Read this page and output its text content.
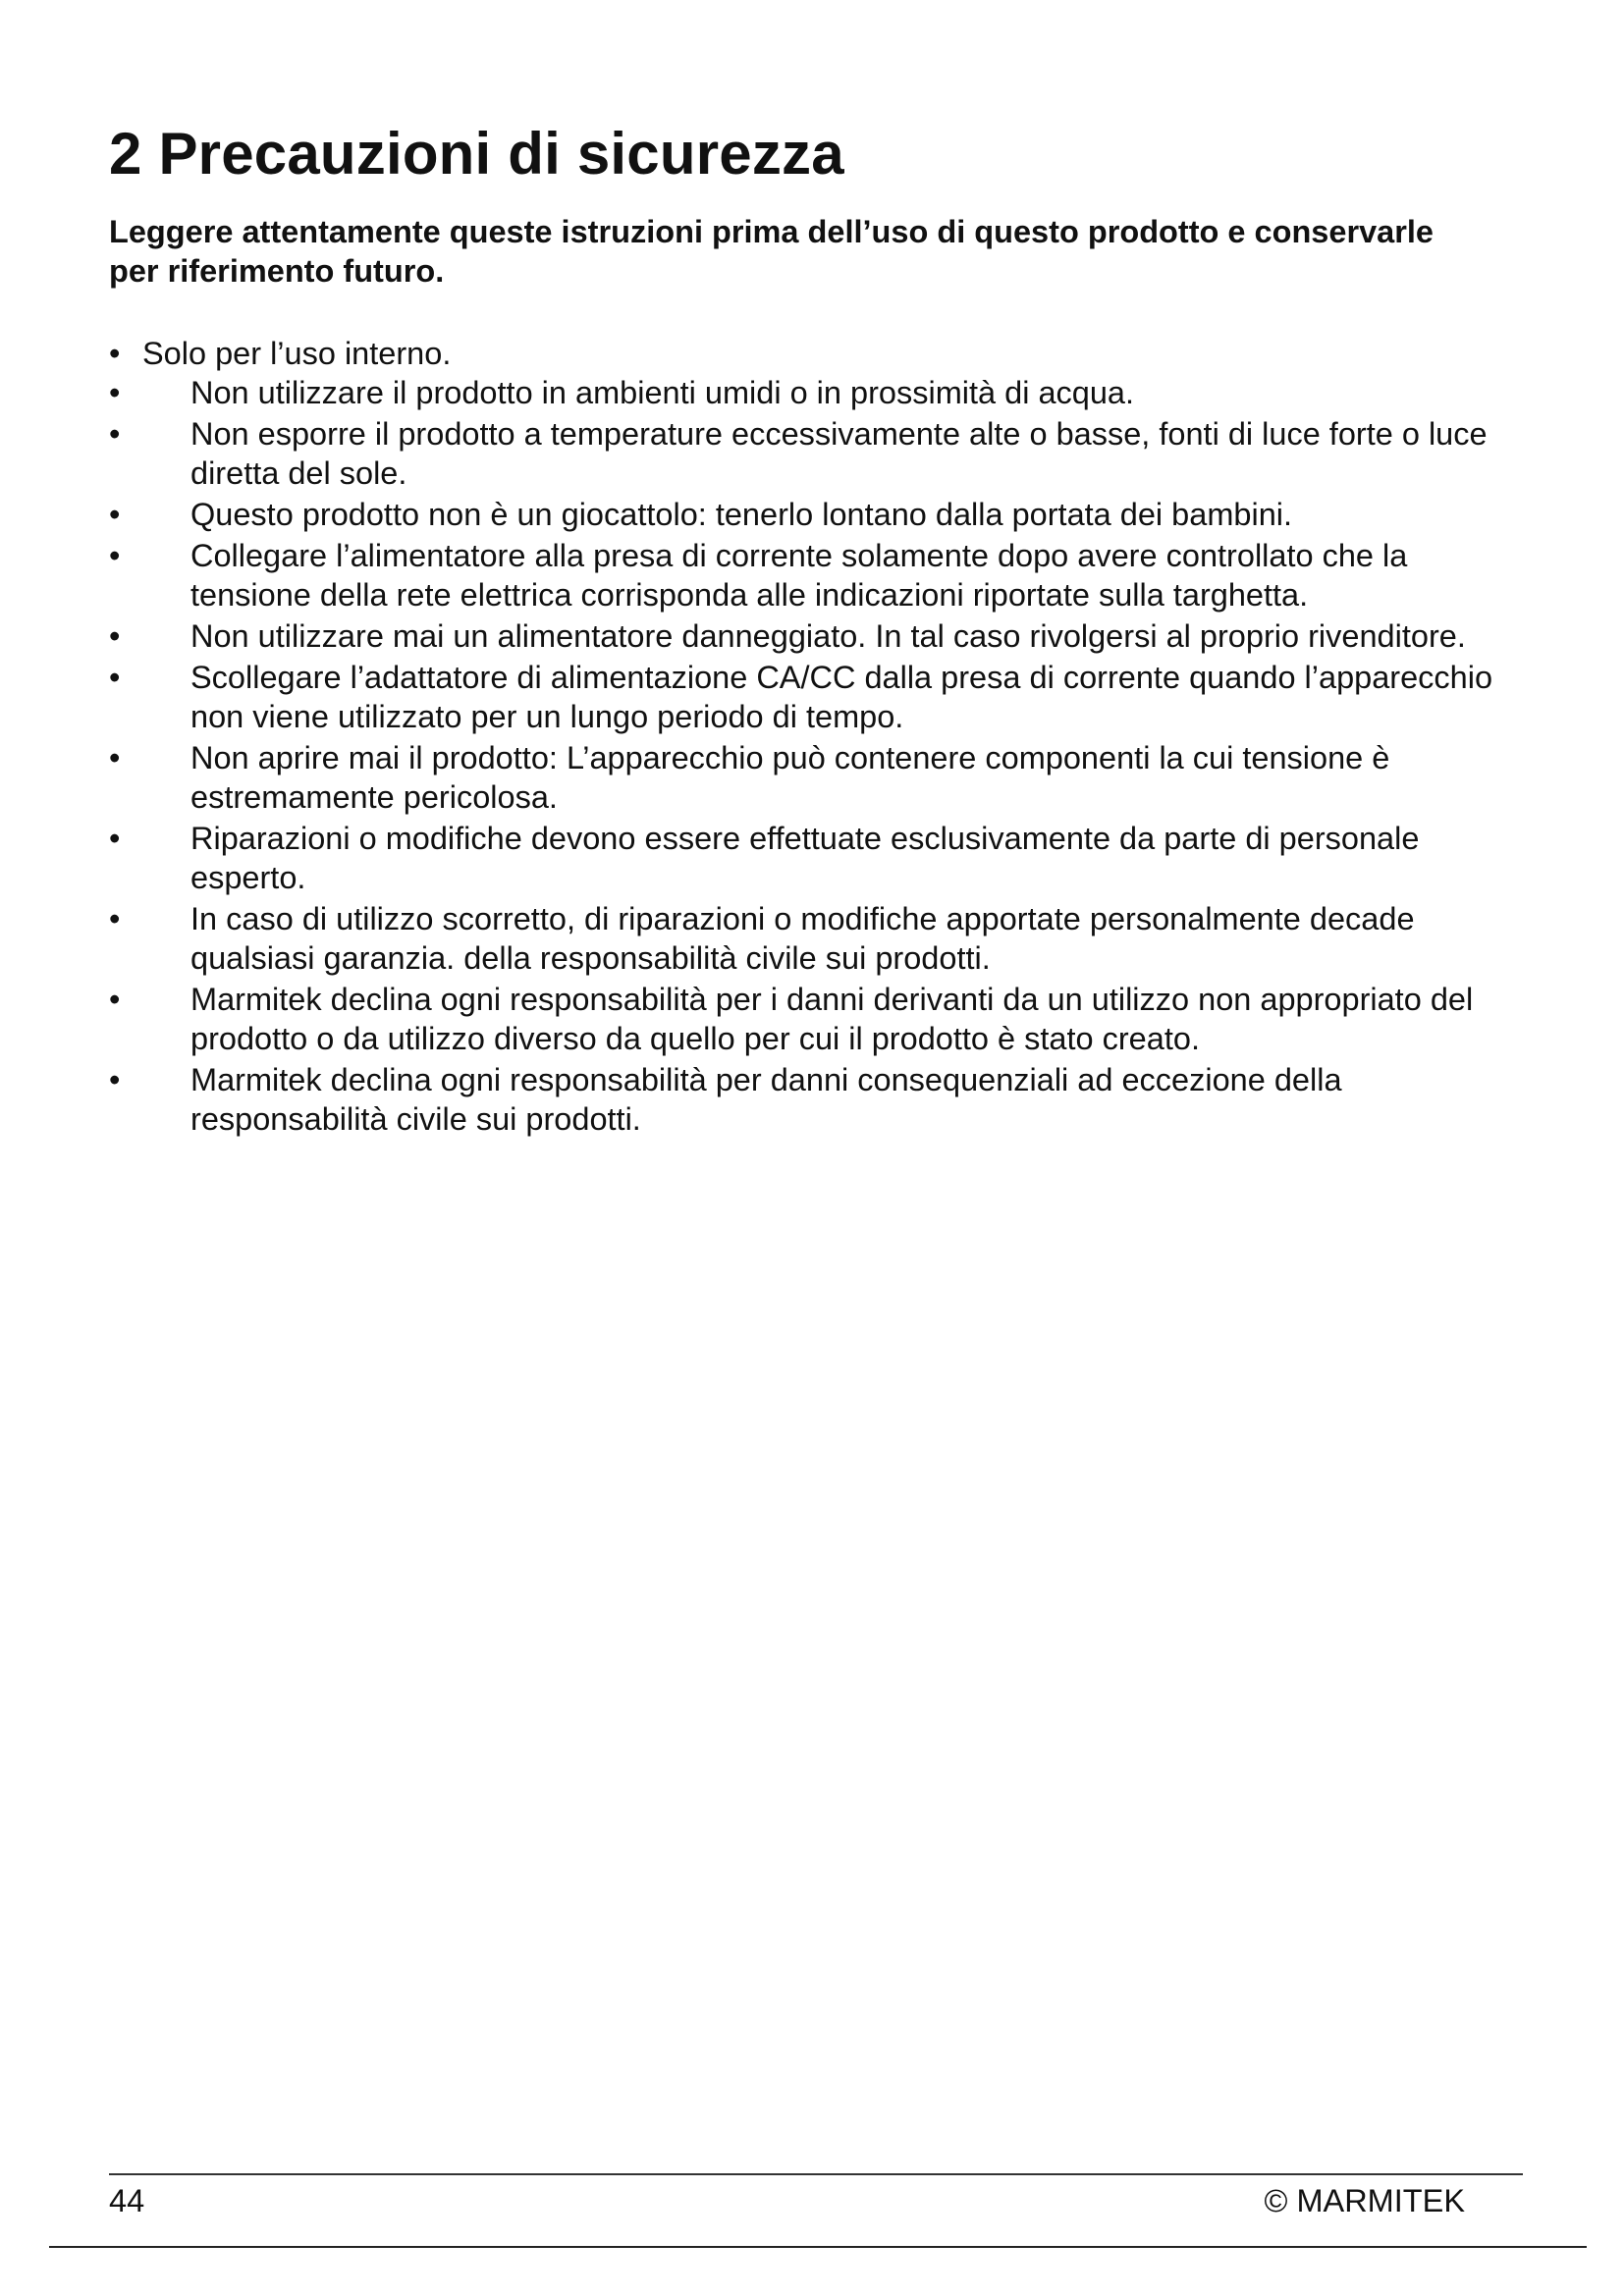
2 Precauzioni di sicurezza

Leggere attentamente queste istruzioni prima dell’uso di questo prodotto e conservarle per riferimento futuro.

• Solo per l’uso interno.
• Non utilizzare il prodotto in ambienti umidi o in prossimità di acqua.
• Non esporre il prodotto a temperature eccessivamente alte o basse, fonti di luce forte o luce diretta del sole.
• Questo prodotto non è un giocattolo: tenerlo lontano dalla portata dei bambini.
• Collegare l’alimentatore alla presa di corrente solamente dopo avere controllato che la tensione della rete elettrica corrisponda alle indicazioni riportate sulla targhetta.
• Non utilizzare mai un alimentatore danneggiato. In tal caso rivolgersi al proprio rivenditore.
• Scollegare l’adattatore di alimentazione CA/CC dalla presa di corrente quando l’apparecchio non viene utilizzato per un lungo periodo di tempo.
• Non aprire mai il prodotto: L’apparecchio può contenere componenti la cui tensione è estremamente pericolosa.
• Riparazioni o modifiche devono essere effettuate esclusivamente da parte di personale esperto.
• In caso di utilizzo scorretto, di riparazioni o modifiche apportate personalmente decade qualsiasi garanzia. della responsabilità civile sui prodotti.
• Marmitek declina ogni responsabilità per i danni derivanti da un utilizzo non appropriato del prodotto o da utilizzo diverso da quello per cui il prodotto è stato creato.
• Marmitek declina ogni responsabilità per danni consequenziali ad eccezione della responsabilità civile sui prodotti.
44	© MARMITEK
